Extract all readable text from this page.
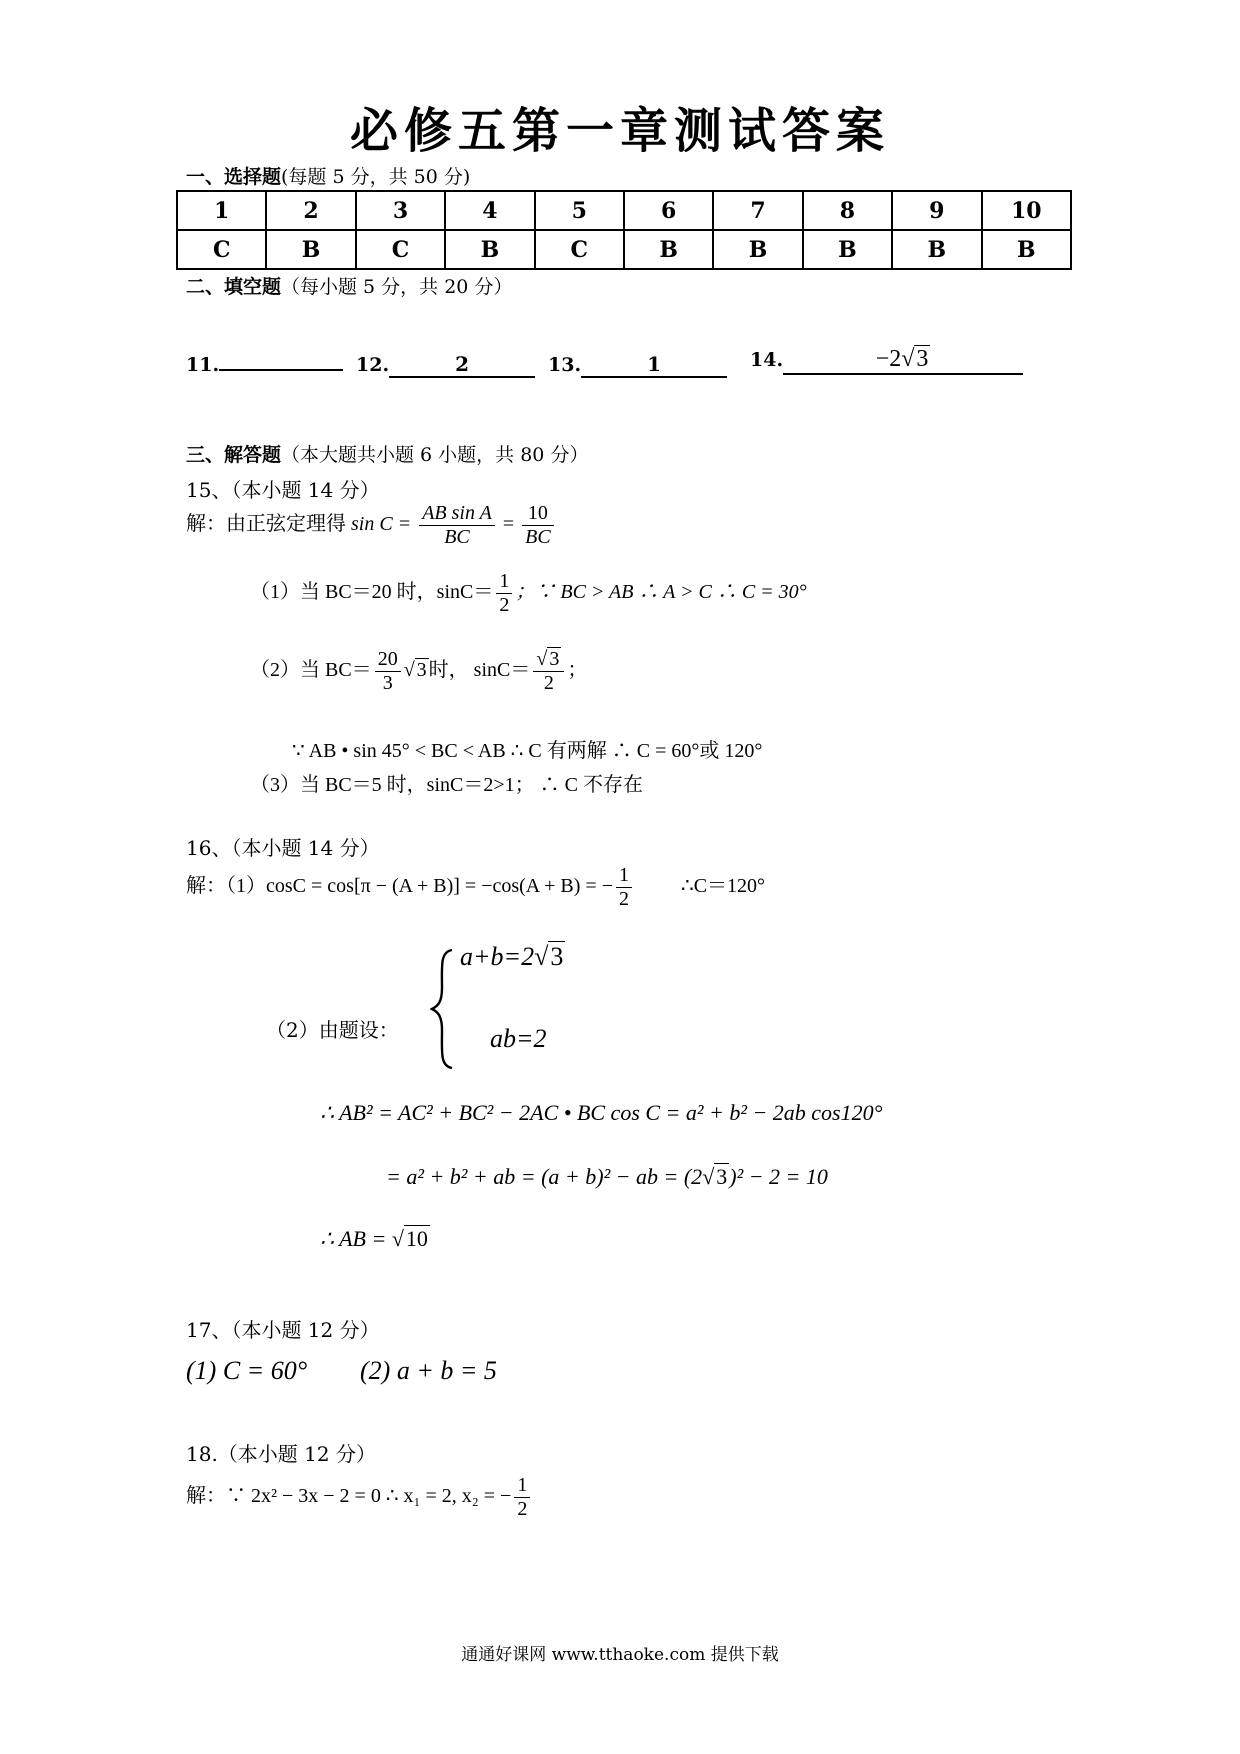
必修五第一章测试答案
一、选择题(每题 5 分，共 50 分)
1	2	3	4	5	6	7	8	9	10
C	B	C	B	C	B	B	B	B	B
二、填空题（每小题 5 分，共 20 分）
11.	12.	2	13.	1	14.	−2√3
三、解答题（本大题共小题 6 小题，共 80 分）
15、（本小题 14 分）
解：由正弦定理得 $\sin C = \frac{\text{AB sin A}}{BC} = \frac{10}{BC}$
（1）当 BC＝20 时，$\sin C= \frac{1}{2}$ ；∵ BC > AB ∴ A > C ∴ C = 30°
（2）当 $BC= \frac{20}{3}$ √ 3 时， $\sin C= \frac{√ 3}{2}$ ；
∵ AB • sin 45° < BC < AB ∴ C 有两解 ∴ C = 60°或 120°
（3）当 BC＝5 时，sinC＝2>1； ∴ C 不存在
16、（本小题 14 分）
解：（1）cosC = cos[π − (A + B)] = −cos(A + B) = − $\frac{1}{2}$ ∴C＝120°
a+b=2√3
ab=2
（2）由题设：
∴ AB² = AC² + BC² − 2AC • BC cos C = a² + b² − 2ab cos120°
= a² + b² + ab = (a + b)² − ab = (2√3)² − 2 = 10
∴ AB = √10
17、（本小题 12 分）
(1) C = 60° (2) a + b = 5
18.（本小题 12 分）
解：∵ 2x² − 3x − 2 = 0 ∴ x₁ = 2, x₂ = − $\frac{1}{2}$
通通好课网 www.tthaoke.com 提供下载
